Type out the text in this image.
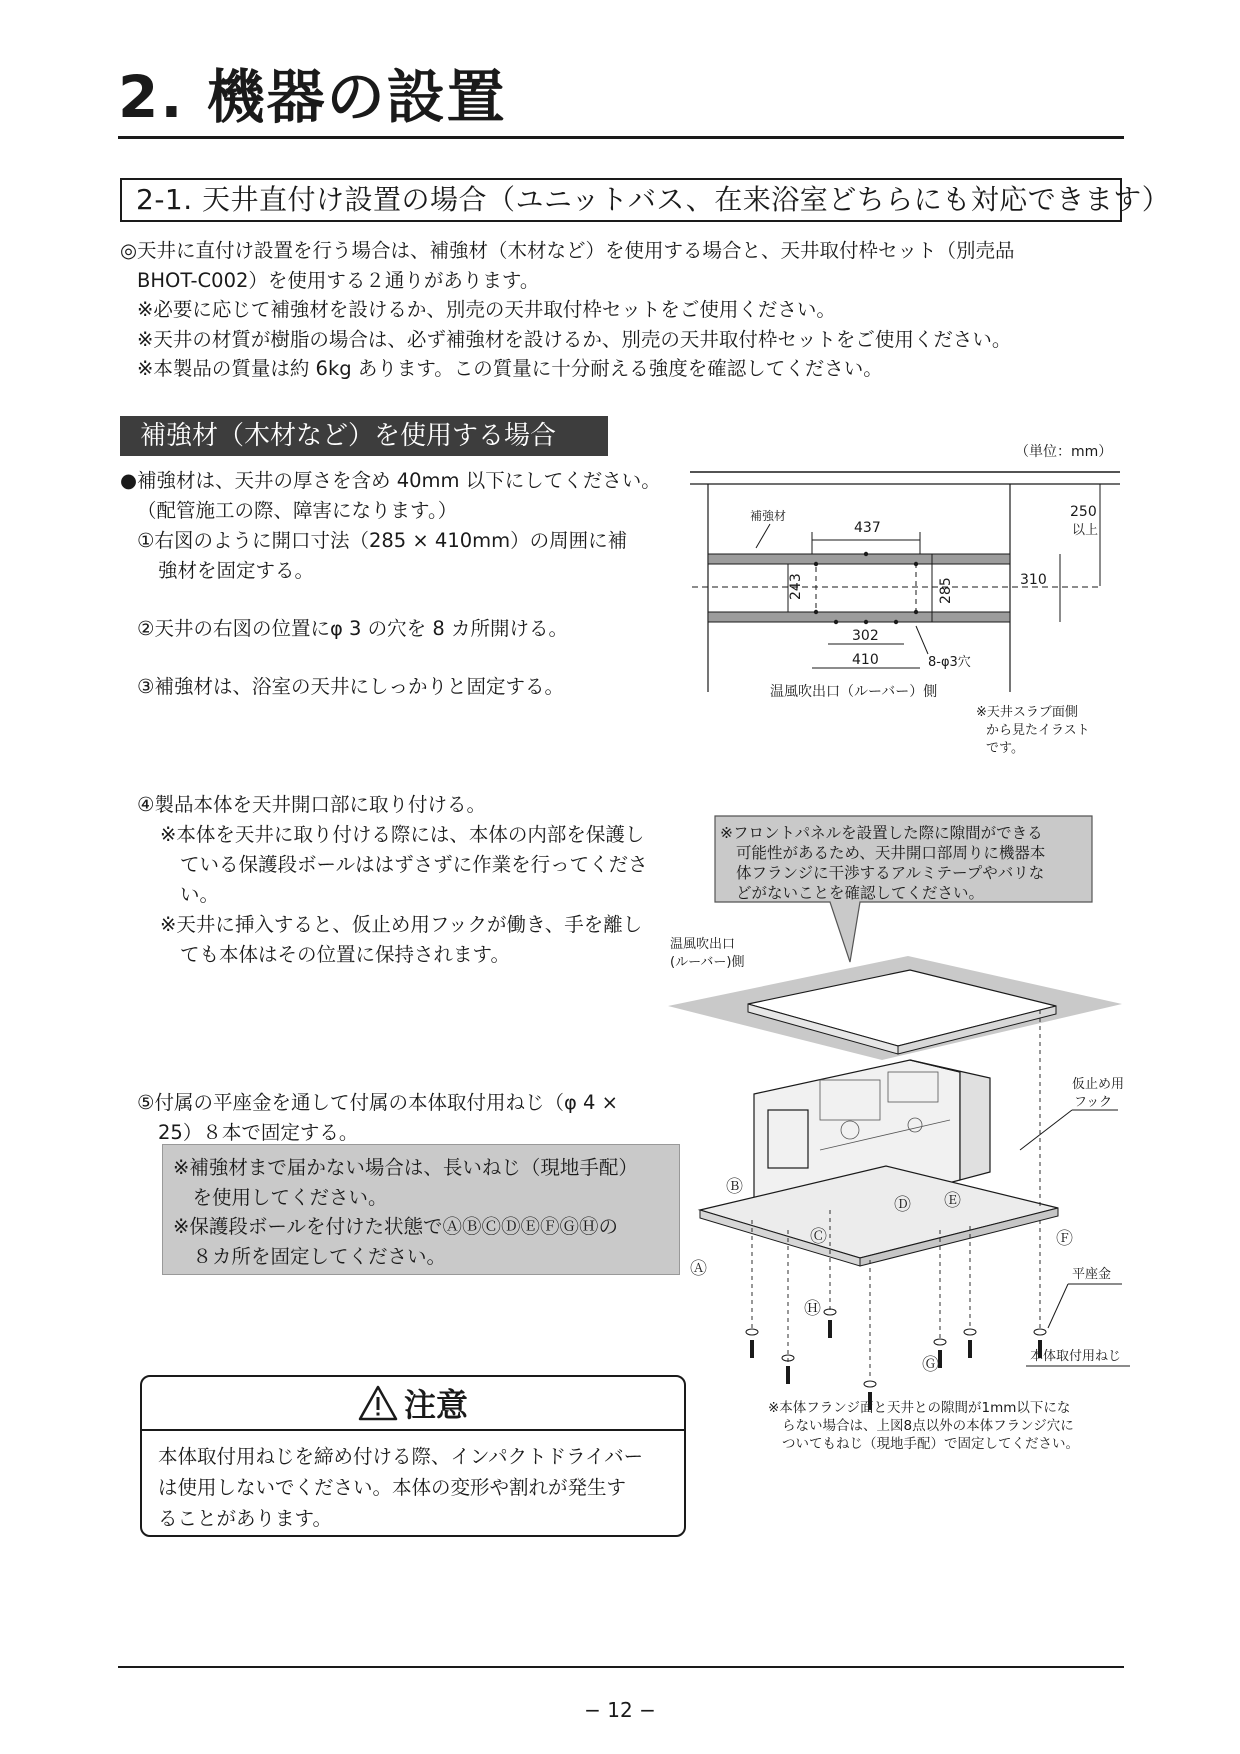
2. 機器の設置
2-1. 天井直付け設置の場合（ユニットバス、在来浴室どちらにも対応できます）

◎天井に直付け設置を行う場合は、補強材（木材など）を使用する場合と、天井取付枠セット（別売品

BHOT-C002）を使用する２通りがあります。

※必要に応じて補強材を設けるか、別売の天井取付枠セットをご使用ください。

※天井の材質が樹脂の場合は、必ず補強材を設けるか、別売の天井取付枠セットをご使用ください。

※本製品の質量は約 6kg あります。この質量に十分耐える強度を確認してください。

補強材（木材など）を使用する場合
●補強材は、天井の厚さを含め 40mm 以下にしてください。
（配管施工の際、障害になります。）
①右図のように開口寸法（285 × 410mm）の周囲に補
強材を固定する。
②天井の右図の位置にφ 3 の穴を 8 カ所開ける。
③補強材は、浴室の天井にしっかりと固定する。
④製品本体を天井開口部に取り付ける。
※本体を天井に取り付ける際には、本体の内部を保護し
ている保護段ボールははずさずに作業を行ってくださ
い。
※天井に挿入すると、仮止め用フックが働き、手を離し
ても本体はその位置に保持されます。
⑤付属の平座金を通して付属の本体取付用ねじ（φ 4 ×
25）８本で固定する。

※補強材まで届かない場合は、長いねじ（現地手配）

　を使用してください。

※保護段ボールを付けた状態でⒶⒷⒸⒹⒺⒻⒼⒽの

　８カ所を固定してください。

注意

本体取付用ねじを締め付ける際、インパクトドライバー

は使用しないでください。本体の変形や割れが発生す

ることがあります。

（単位：mm）
437
補強材	250
以上
243	285	310
302
410	8-φ3穴
温風吹出口（ルーバー）側
※天井スラブ面側
から見たイラスト
です。
※フロントパネルを設置した際に隙間ができる
可能性があるため、天井開口部周りに機器本
体フランジに干渉するアルミテープやバリな
どがないことを確認してください。
温風吹出口
(ルーバー)側
Ⓐ
Ⓑ
Ⓒ
Ⓓ Ⓔ
Ⓕ
Ⓖ
Ⓗ
仮止め用
フック
平座金
本体取付用ねじ
※本体フランジ面と天井との隙間が1mm以下にな
らない場合は、上図8点以外の本体フランジ穴に
ついてもねじ（現地手配）で固定してください。
− 12 −
